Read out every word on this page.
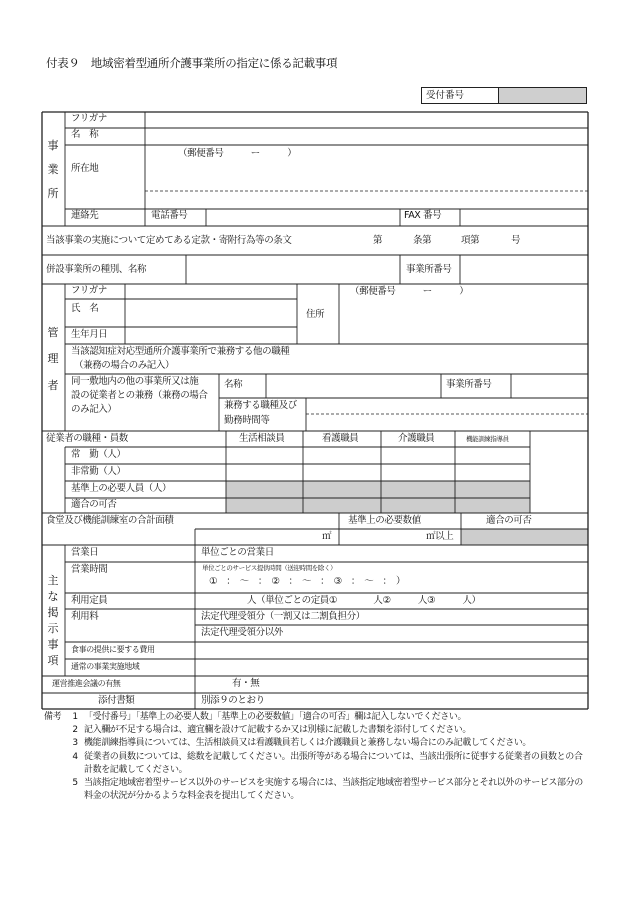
付表９　地域密着型通所介護事業所の指定に係る記載事項
受付番号
事
業
所
フリガナ
名　称
所在地
（郵便番号　　　ー　　　）
連絡先	電話番号	FAX 番号
当該事業の実施について定めてある定款・寄附行為等の条文	第	条第	項第	号
併設事業所の種別、名称	事業所番号
管
理
者
フリガナ
氏　名
住所
（郵便番号　　　ー　　　）
生年月日
当該認知症対応型通所介護事業所で兼務する他の職種
（兼務の場合のみ記入）
同一敷地内の他の事業所又は施
設の従業者との兼務（兼務の場合
のみ記入）
名称	事業所番号
兼務する職種及び
勤務時間等
従業者の職種・員数	生活相談員	看護職員	介護職員	機能訓練指導員
常　勤（人）
非常勤（人）
基準上の必要人員（人）
適合の可否
食堂及び機能訓練室の合計面積	基準上の必要数値	適合の可否
㎡	㎡以上
主
な
掲
示
事
項
営業日	単位ごとの営業日
営業時間	単位ごとのサービス提供時間（送迎時間を除く）
①　：　～　：　②　：　～　：　③　：　～　：　）
利用定員	人（単位ごとの定員①　　　　人②　　　人③　　　人）
利用料	法定代理受領分（一割又は二割負担分）
法定代理受領分以外
食事の提供に要する費用
通常の事業実施地域
運営推進会議の有無	有・無
添付書類	別添９のとおり
備考	1 「受付番号」「基準上の必要人数」「基準上の必要数値」「適合の可否」欄は記入しないでください。
2 記入欄が不足する場合は、適宜欄を設けて記載するか又は別様に記載した書類を添付してください。
3 機能訓練指導員については、生活相談員又は看護職員若しくは介護職員と兼務しない場合にのみ記載してください。
4 従業者の員数については、総数を記載してください。出張所等がある場合については、当該出張所に従事する従業者の員数との合計数を記載してください。
5 当該指定地域密着型サービス以外のサービスを実施する場合には、当該指定地域密着型サービス部分とそれ以外のサービス部分の料金の状況が分かるような料金表を提出してください。
